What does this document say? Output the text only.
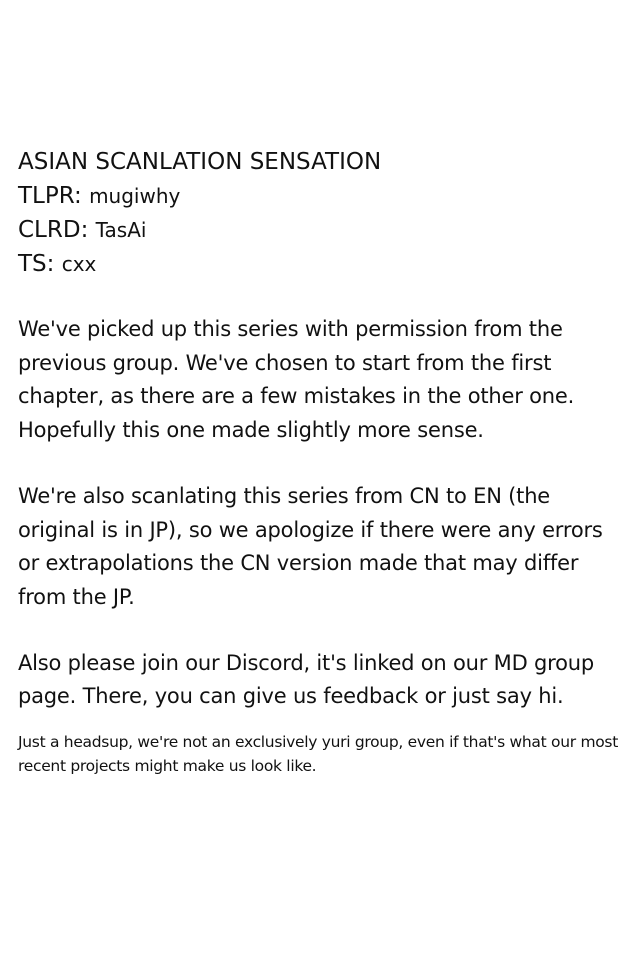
ASIAN SCANLATION SENSATION
TLPR: mugiwhy
CLRD: TasAi
TS: cxx

We've picked up this series with permission from the previous group. We've chosen to start from the first chapter, as there are a few mistakes in the other one. Hopefully this one made slightly more sense.

We're also scanlating this series from CN to EN (the original is in JP), so we apologize if there were any errors or extrapolations the CN version made that may differ from the JP.

Also please join our Discord, it's linked on our MD group page. There, you can give us feedback or just say hi.

Just a headsup, we're not an exclusively yuri group, even if that's what our most recent projects might make us look like.
